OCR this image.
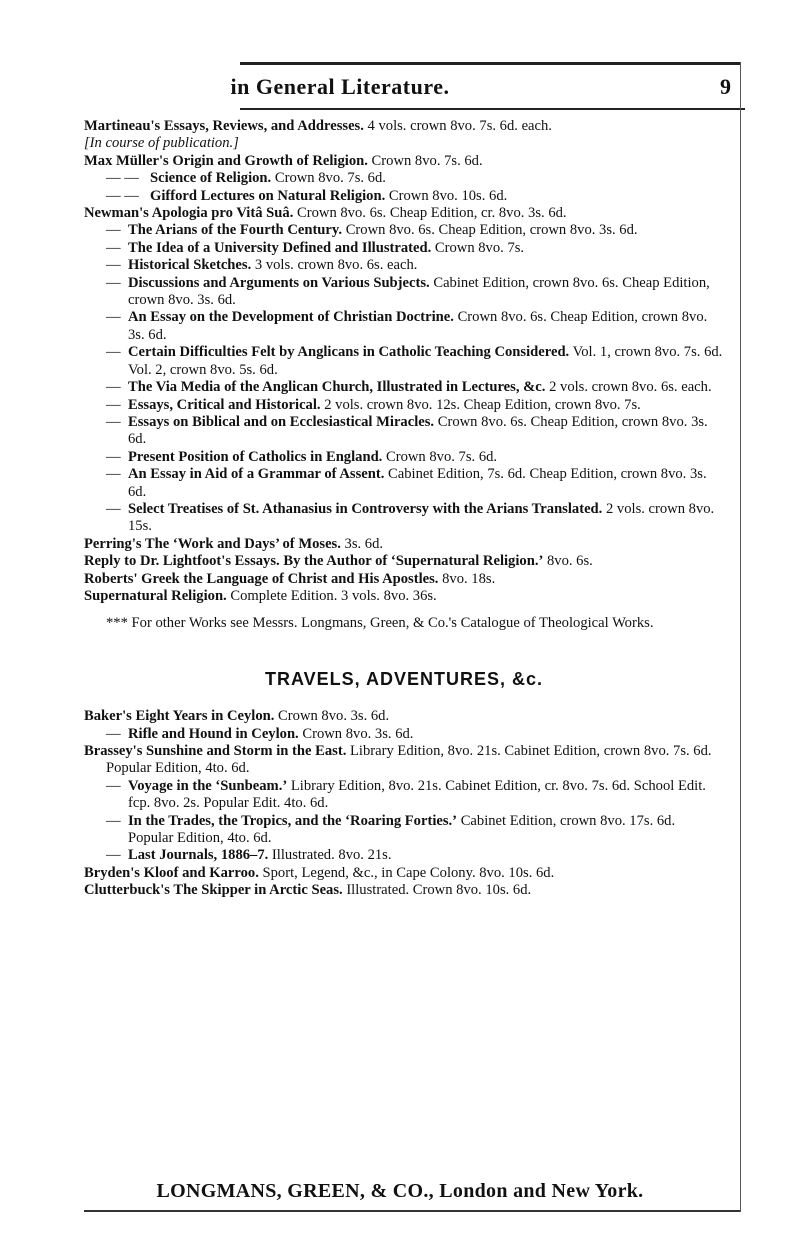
in General Literature.	9

Martineau's Essays, Reviews, and Addresses. 4 vols. crown 8vo. 7s. 6d. each.

[In course of publication.]

Max Müller's Origin and Growth of Religion. Crown 8vo. 7s. 6d.

— — Science of Religion. Crown 8vo. 7s. 6d.

— — Gifford Lectures on Natural Religion. Crown 8vo. 10s. 6d.

Newman's Apologia pro Vitâ Suâ. Crown 8vo. 6s. Cheap Edition, cr. 8vo. 3s. 6d.

— The Arians of the Fourth Century. Crown 8vo. 6s. Cheap Edition, crown 8vo. 3s. 6d.

— The Idea of a University Defined and Illustrated. Crown 8vo. 7s.

— Historical Sketches. 3 vols. crown 8vo. 6s. each.

— Discussions and Arguments on Various Subjects. Cabinet Edition, crown 8vo. 6s. Cheap Edition, crown 8vo. 3s. 6d.

— An Essay on the Development of Christian Doctrine. Crown 8vo. 6s. Cheap Edition, crown 8vo. 3s. 6d.

— Certain Difficulties Felt by Anglicans in Catholic Teaching Considered. Vol. 1, crown 8vo. 7s. 6d. Vol. 2, crown 8vo. 5s. 6d.

— The Via Media of the Anglican Church, Illustrated in Lectures, &c. 2 vols. crown 8vo. 6s. each.

— Essays, Critical and Historical. 2 vols. crown 8vo. 12s. Cheap Edition, crown 8vo. 7s.

— Essays on Biblical and on Ecclesiastical Miracles. Crown 8vo. 6s. Cheap Edition, crown 8vo. 3s. 6d.

— Present Position of Catholics in England. Crown 8vo. 7s. 6d.

— An Essay in Aid of a Grammar of Assent. Cabinet Edition, 7s. 6d. Cheap Edition, crown 8vo. 3s. 6d.

— Select Treatises of St. Athanasius in Controversy with the Arians Translated. 2 vols. crown 8vo. 15s.

Perring's The ‘Work and Days’ of Moses. 3s. 6d.

Reply to Dr. Lightfoot's Essays. By the Author of ‘Supernatural Religion.’ 8vo. 6s.

Roberts' Greek the Language of Christ and His Apostles. 8vo. 18s.

Supernatural Religion. Complete Edition. 3 vols. 8vo. 36s.

*** For other Works see Messrs. Longmans, Green, & Co.'s Catalogue of Theological Works.

TRAVELS, ADVENTURES, &c.

Baker's Eight Years in Ceylon. Crown 8vo. 3s. 6d.

— Rifle and Hound in Ceylon. Crown 8vo. 3s. 6d.

Brassey's Sunshine and Storm in the East. Library Edition, 8vo. 21s. Cabinet Edition, crown 8vo. 7s. 6d. Popular Edition, 4to. 6d.

— Voyage in the ‘Sunbeam.’ Library Edition, 8vo. 21s. Cabinet Edition, cr. 8vo. 7s. 6d. School Edit. fcp. 8vo. 2s. Popular Edit. 4to. 6d.

— In the Trades, the Tropics, and the ‘Roaring Forties.’ Cabinet Edition, crown 8vo. 17s. 6d. Popular Edition, 4to. 6d.

— Last Journals, 1886–7. Illustrated. 8vo. 21s.

Bryden's Kloof and Karroo. Sport, Legend, &c., in Cape Colony. 8vo. 10s. 6d.

Clutterbuck's The Skipper in Arctic Seas. Illustrated. Crown 8vo. 10s. 6d.

LONGMANS, GREEN, & CO., London and New York.
